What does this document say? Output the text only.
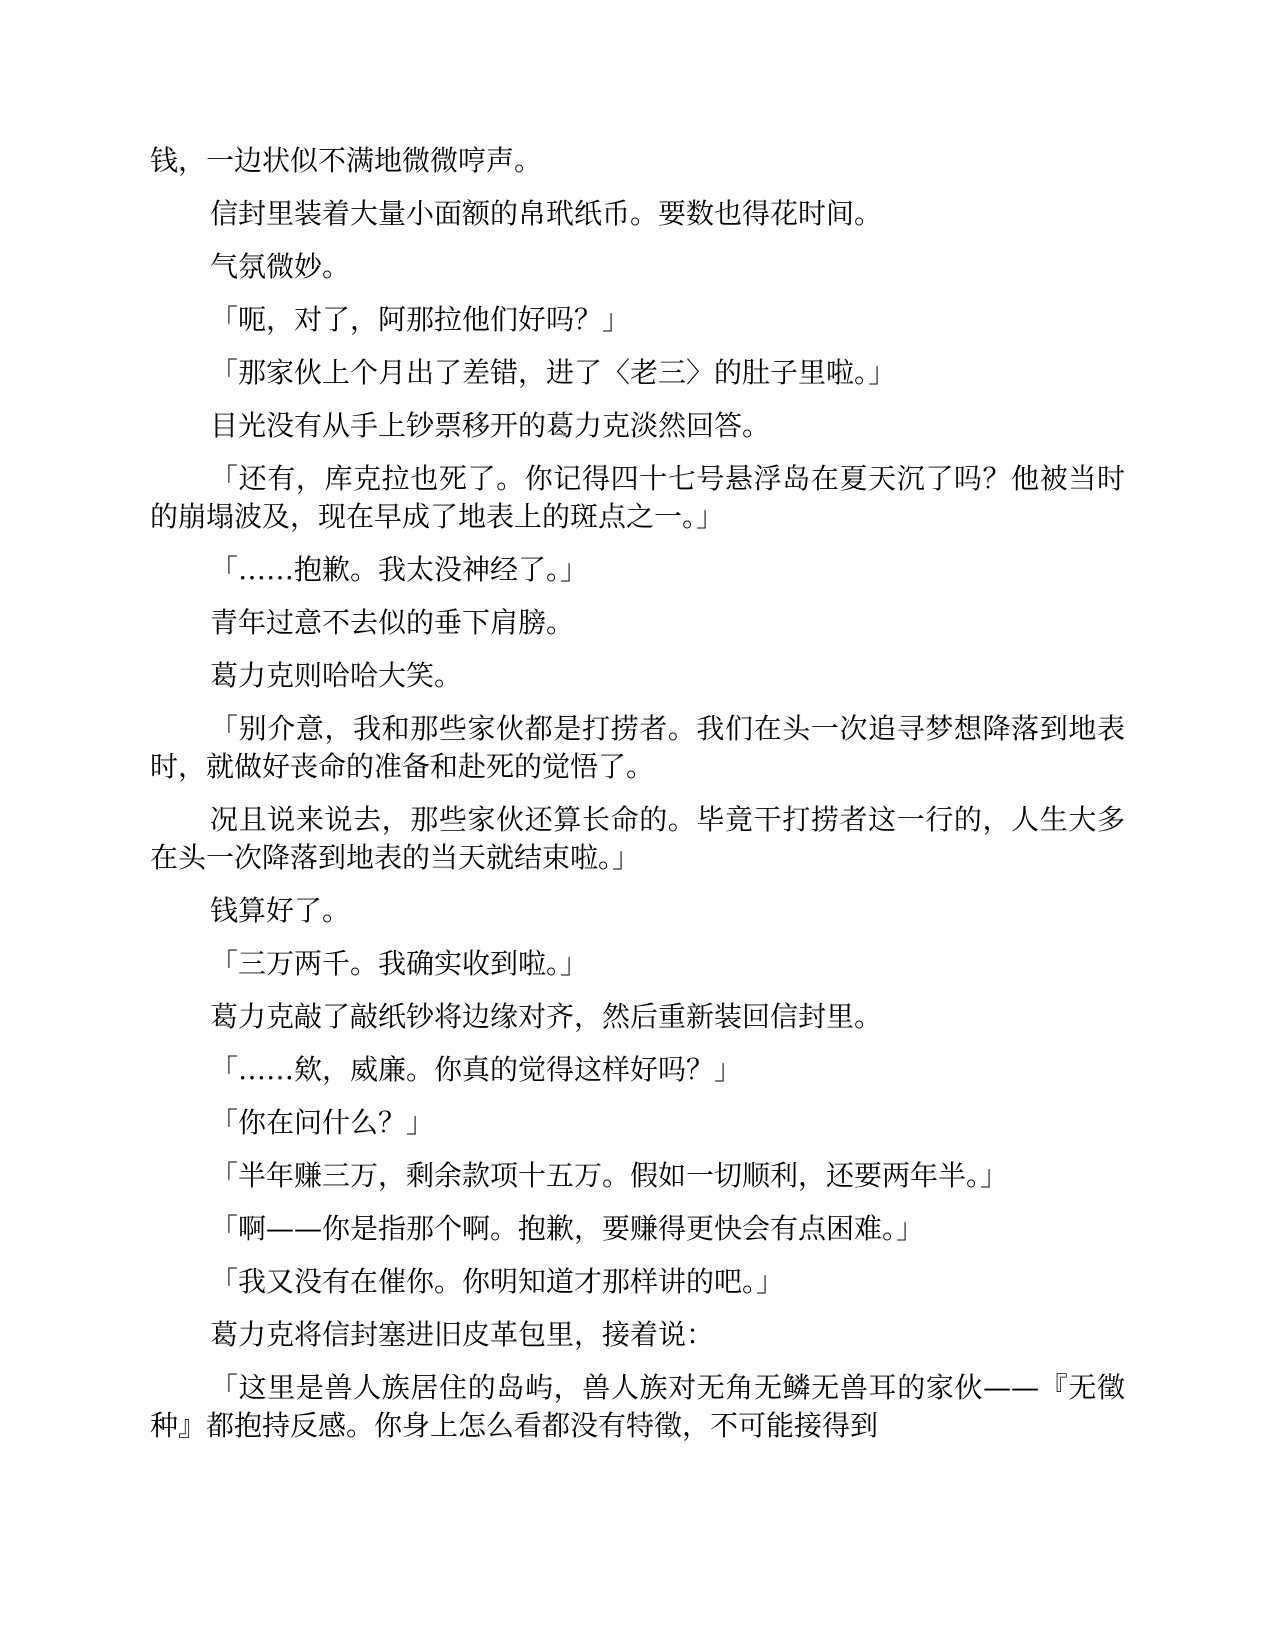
钱，一边状似不满地微微哼声。

信封里装着大量小面额的帛玳纸币。要数也得花时间。

气氛微妙。

「呃，对了，阿那拉他们好吗？」

「那家伙上个月出了差错，进了〈老三〉的肚子里啦。」

目光没有从手上钞票移开的葛力克淡然回答。

「还有，库克拉也死了。你记得四十七号悬浮岛在夏天沉了吗？他被当时的崩塌波及，现在早成了地表上的斑点之一。」

「……抱歉。我太没神经了。」

青年过意不去似的垂下肩膀。

葛力克则哈哈大笑。

「别介意，我和那些家伙都是打捞者。我们在头一次追寻梦想降落到地表时，就做好丧命的准备和赴死的觉悟了。

况且说来说去，那些家伙还算长命的。毕竟干打捞者这一行的，人生大多在头一次降落到地表的当天就结束啦。」

钱算好了。

「三万两千。我确实收到啦。」

葛力克敲了敲纸钞将边缘对齐，然后重新装回信封里。

「……欸，威廉。你真的觉得这样好吗？」

「你在问什么？」

「半年赚三万，剩余款项十五万。假如一切顺利，还要两年半。」

「啊——你是指那个啊。抱歉，要赚得更快会有点困难。」

「我又没有在催你。你明知道才那样讲的吧。」

葛力克将信封塞进旧皮革包里，接着说：

「这里是兽人族居住的岛屿，兽人族对无角无鳞无兽耳的家伙——『无徵种』都抱持反感。你身上怎么看都没有特徵，不可能接得到
